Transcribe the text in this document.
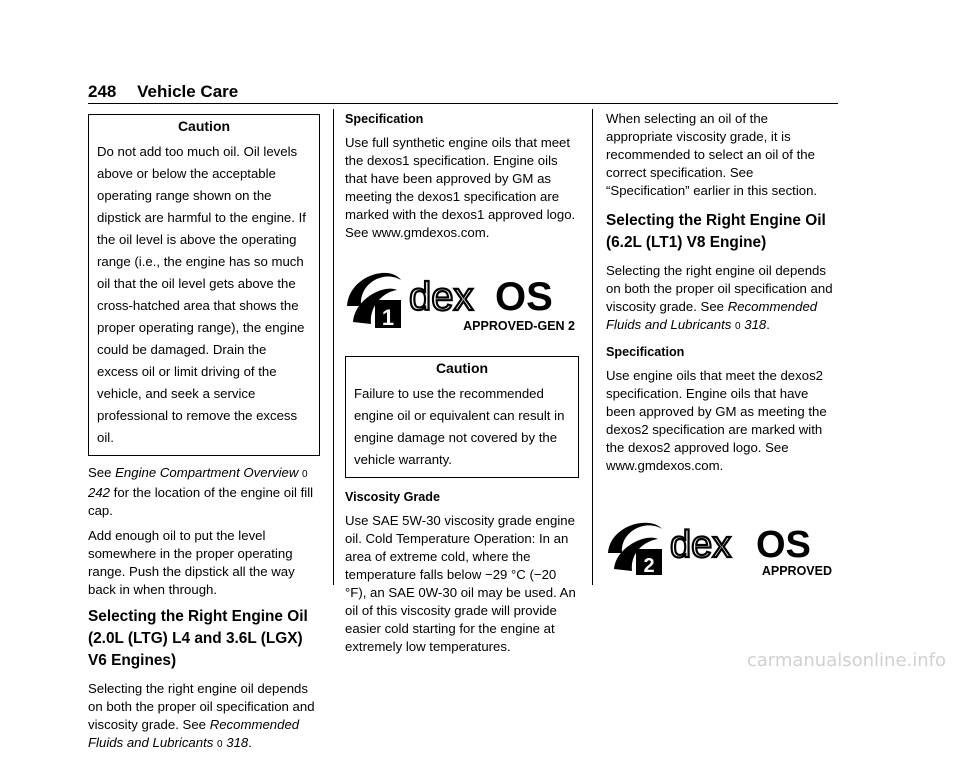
248 Vehicle Care
Caution

Do not add too much oil. Oil levels above or below the acceptable operating range shown on the dipstick are harmful to the engine. If the oil level is above the operating range (i.e., the engine has so much oil that the oil level gets above the cross-hatched area that shows the proper operating range), the engine could be damaged. Drain the excess oil or limit driving of the vehicle, and seek a service professional to remove the excess oil.

See Engine Compartment Overview 0 242 for the location of the engine oil fill cap.

Add enough oil to put the level somewhere in the proper operating range. Push the dipstick all the way back in when through.

Selecting the Right Engine Oil (2.0L (LTG) L4 and 3.6L (LGX) V6 Engines)

Selecting the right engine oil depends on both the proper oil specification and viscosity grade. See Recommended Fluids and Lubricants 0 318.

Specification

Use full synthetic engine oils that meet the dexos1 specification. Engine oils that have been approved by GM as meeting the dexos1 specification are marked with the dexos1 approved logo. See www.gmdexos.com.

1 dex OS
APPROVED-GEN 2
Caution

Failure to use the recommended engine oil or equivalent can result in engine damage not covered by the vehicle warranty.

Viscosity Grade

Use SAE 5W-30 viscosity grade engine oil. Cold Temperature Operation: In an area of extreme cold, where the temperature falls below −29 °C (−20 °F), an SAE 0W-30 oil may be used. An oil of this viscosity grade will provide easier cold starting for the engine at extremely low temperatures.

When selecting an oil of the appropriate viscosity grade, it is recommended to select an oil of the correct specification. See “Specification” earlier in this section.

Selecting the Right Engine Oil (6.2L (LT1) V8 Engine)

Selecting the right engine oil depends on both the proper oil specification and viscosity grade. See Recommended Fluids and Lubricants 0 318.

Specification

Use engine oils that meet the dexos2 specification. Engine oils that have been approved by GM as meeting the dexos2 specification are marked with the dexos2 approved logo. See www.gmdexos.com.

2 dex OS
APPROVED
carmanualsonline.info
